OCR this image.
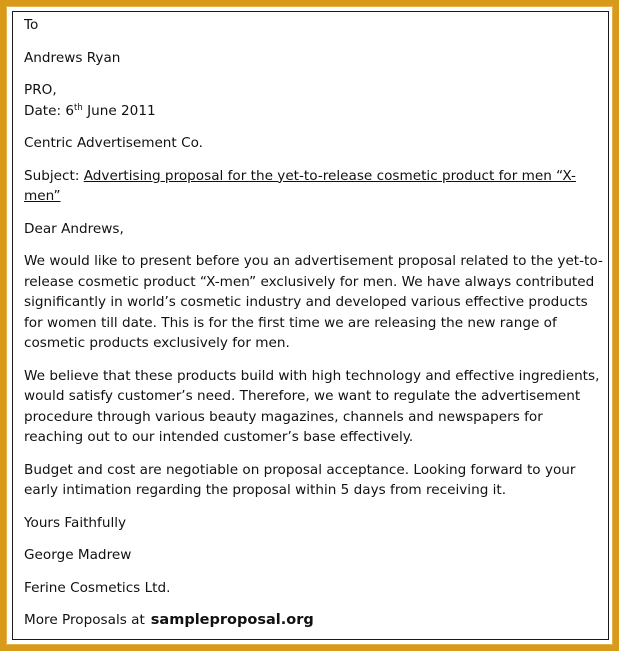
To

Andrews Ryan

PRO,

Date: 6th June 2011

Centric Advertisement Co.

Subject: Advertising proposal for the yet-to-release cosmetic product for men “X-men”

Dear Andrews,

We would like to present before you an advertisement proposal related to the yet-to-release cosmetic product “X-men” exclusively for men. We have always contributed significantly in world’s cosmetic industry and developed various effective products for women till date. This is for the first time we are releasing the new range of cosmetic products exclusively for men.

We believe that these products build with high technology and effective ingredients, would satisfy customer’s need. Therefore, we want to regulate the advertisement procedure through various beauty magazines, channels and newspapers for reaching out to our intended customer’s base effectively.

Budget and cost are negotiable on proposal acceptance. Looking forward to your early intimation regarding the proposal within 5 days from receiving it.

Yours Faithfully

George Madrew

Ferine Cosmetics Ltd.

More Proposals at sampleproposal.org
